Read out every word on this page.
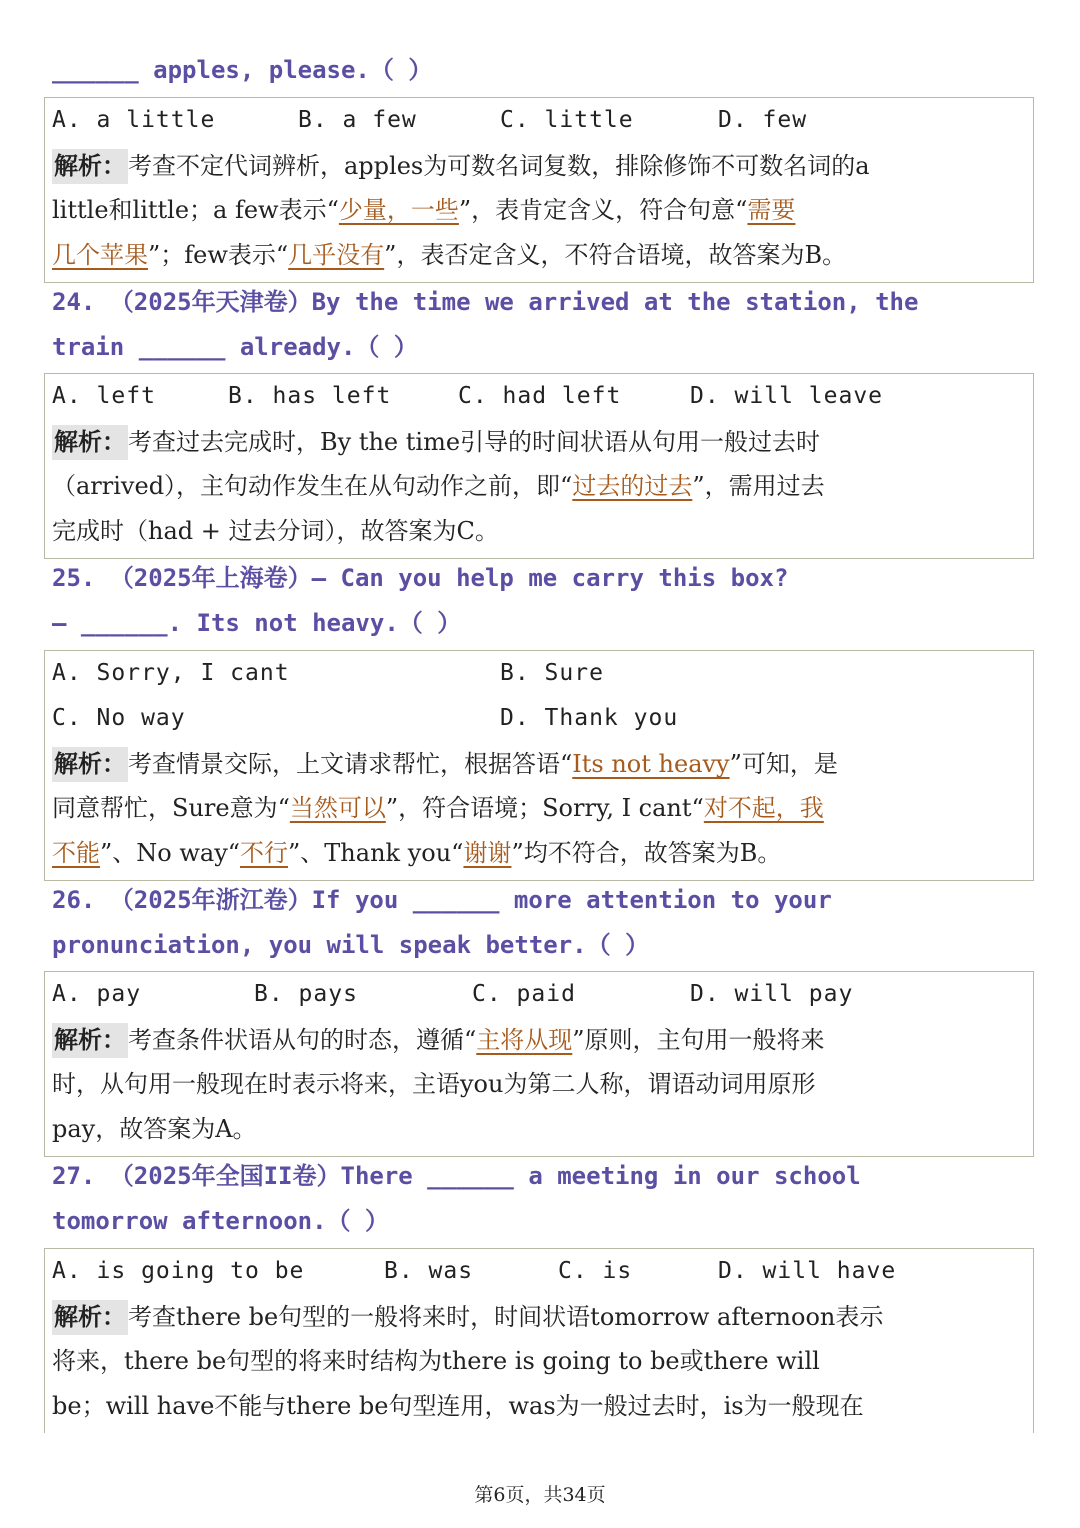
______ apples, please.（ ）
A. a little	B. a few	C. little	D. few
解析：考查不定代词辨析，apples为可数名词复数，排除修饰不可数名词的a
little和little；a few表示“少量，一些”，表肯定含义，符合句意“需要
几个苹果”；few表示“几乎没有”，表否定含义，不符合语境，故答案为B。
24. （2025年天津卷）By the time we arrived at the station, the
train ______ already.（ ）
A. left	B. has left	C. had left	D. will leave
解析：考查过去完成时，By the time引导的时间状语从句用一般过去时
（arrived），主句动作发生在从句动作之前，即“过去的过去”，需用过去
完成时（had + 过去分词），故答案为C。
25. （2025年上海卷）— Can you help me carry this box?
— ______. Its not heavy.（ ）
A. Sorry, I cant	B. Sure
C. No way	D. Thank you
解析：考查情景交际，上文请求帮忙，根据答语“Its not heavy”可知，是
同意帮忙，Sure意为“当然可以”，符合语境；Sorry, I cant“对不起，我
不能”、No way“不行”、Thank you“谢谢”均不符合，故答案为B。
26. （2025年浙江卷）If you ______ more attention to your
pronunciation, you will speak better.（ ）
A. pay	B. pays	C. paid	D. will pay
解析：考查条件状语从句的时态，遵循“主将从现”原则，主句用一般将来
时，从句用一般现在时表示将来，主语you为第二人称，谓语动词用原形
pay，故答案为A。
27. （2025年全国II卷）There ______ a meeting in our school
tomorrow afternoon.（ ）
A. is going to be	B. was	C. is	D. will have
解析：考查there be句型的一般将来时，时间状语tomorrow afternoon表示
将来，there be句型的将来时结构为there is going to be或there will
be；will have不能与there be句型连用，was为一般过去时，is为一般现在
第6页，共34页
